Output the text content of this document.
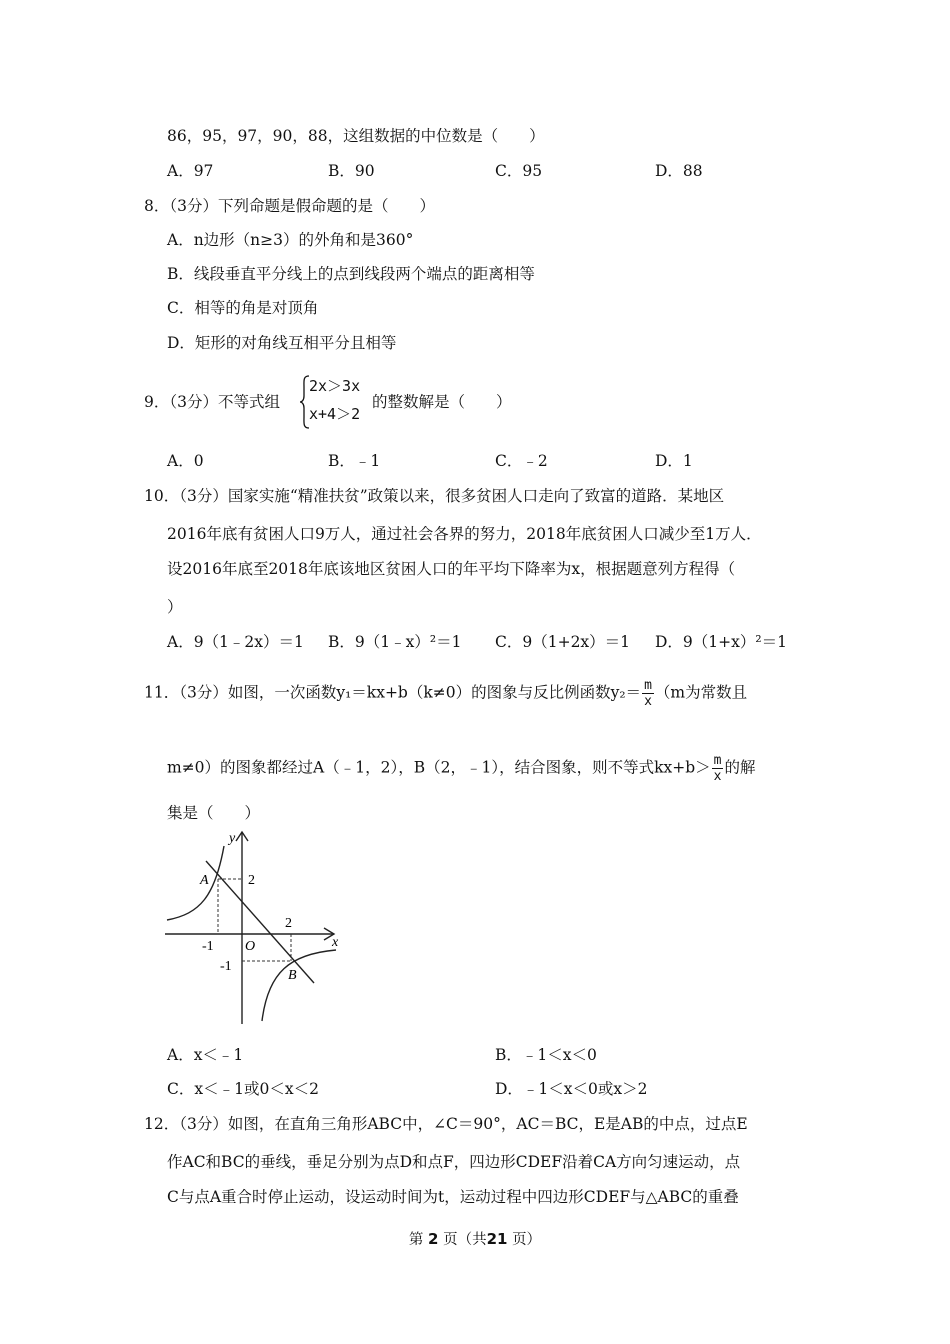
86，95，97，90，88，这组数据的中位数是（　　）
A．97	B．90	C．95	D．88
8．（3分）下列命题是假命题的是（　　）
A．n边形（n≥3）的外角和是360°
B．线段垂直平分线上的点到线段两个端点的距离相等
C．相等的角是对顶角
D．矩形的对角线互相平分且相等
9．（3分）不等式组
2x＞3x
x+4＞2
的整数解是（　　）
A．0	B．﹣1	C．﹣2	D．1
10．（3分）国家实施“精准扶贫”政策以来，很多贫困人口走向了致富的道路．某地区
2016年底有贫困人口9万人，通过社会各界的努力，2018年底贫困人口减少至1万人．
设2016年底至2018年底该地区贫困人口的年平均下降率为x，根据题意列方程得（
）
A．9（1﹣2x）＝1 B．9（1﹣x）²＝1 C．9（1+2x）＝1 D．9（1+x）²＝1
11．（3分）如图，一次函数y₁＝kx+b（k≠0）的图象与反比例函数$y_2= \frac{m}{x} (m$为常数且
m≠0）的图象都经过A（﹣1，2），B（2，﹣1），结合图象，则不等式$kx+b> \frac{m}{x}$ 的解
集是（　　）
y
x
O
A
B
2
-1
2
-1
A．x＜﹣1	B．﹣1＜x＜0
C．x＜﹣1或0＜x＜2	D．﹣1＜x＜0或x＞2
12．（3分）如图，在直角三角形ABC中，∠C＝90°，AC＝BC，E是AB的中点，过点E
作AC和BC的垂线，垂足分别为点D和点F，四边形CDEF沿着CA方向匀速运动，点
C与点A重合时停止运动，设运动时间为t，运动过程中四边形CDEF与△ABC的重叠
第 2 页（共21 页）
